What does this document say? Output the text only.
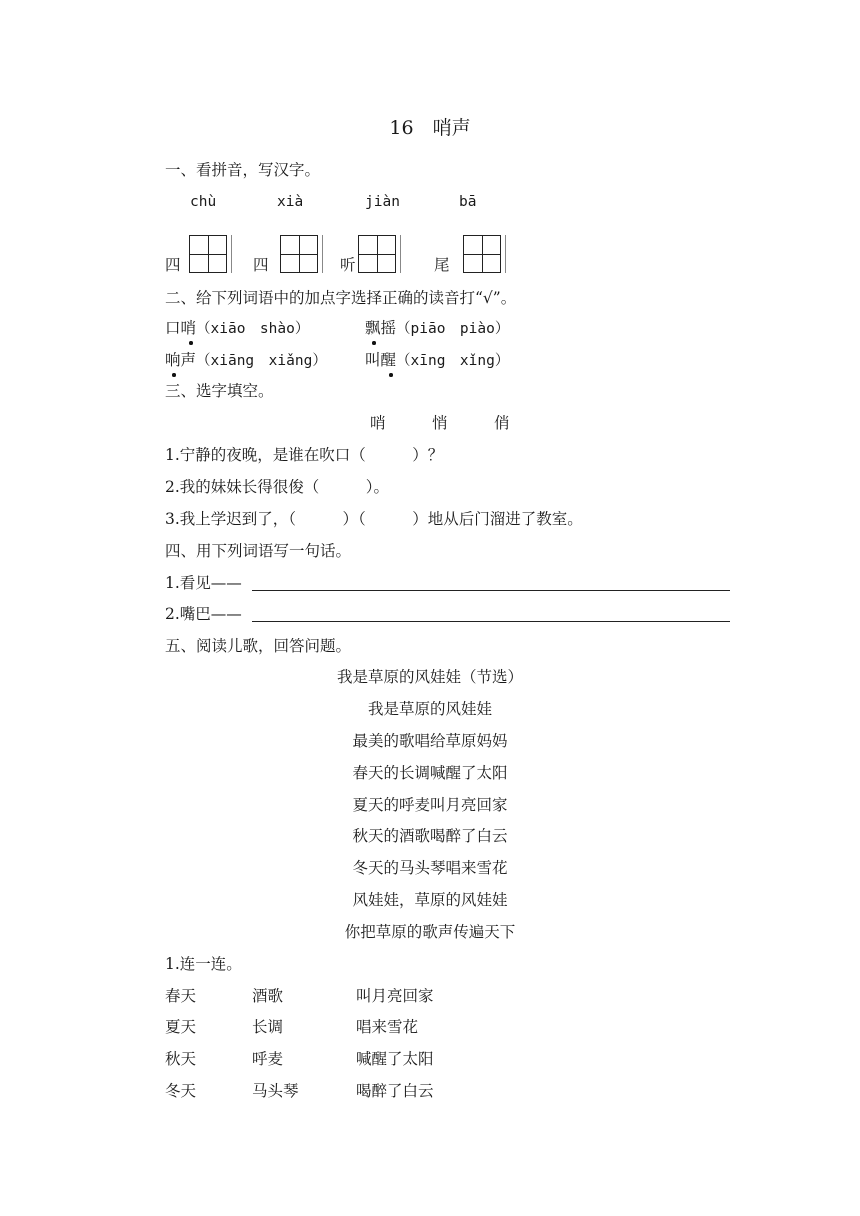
16　哨声
一、看拼音，写汉字。
chù	xià	jiàn	bā
四	四	听	尾
二、给下列词语中的加点字选择正确的读音打“√”。
口哨（xiāo　shào）	飘摇（piāo　piào）
响声（xiāng　xiǎng） 叫醒（xīng　xǐng）
三、选字填空。
哨　　　悄　　　俏
1.宁静的夜晚，是谁在吹口（　　　）？
2.我的妹妹长得很俊（　　　）。
3.我上学迟到了，（　　　）（　　　）地从后门溜进了教室。
四、用下列词语写一句话。
1.看见——
2.嘴巴——
五、阅读儿歌，回答问题。
我是草原的风娃娃（节选）
我是草原的风娃娃
最美的歌唱给草原妈妈
春天的长调喊醒了太阳
夏天的呼麦叫月亮回家
秋天的酒歌喝醉了白云
冬天的马头琴唱来雪花
风娃娃，草原的风娃娃
你把草原的歌声传遍天下
1.连一连。
春天	酒歌	叫月亮回家
夏天	长调	唱来雪花
秋天	呼麦	喊醒了太阳
冬天	马头琴	喝醉了白云
